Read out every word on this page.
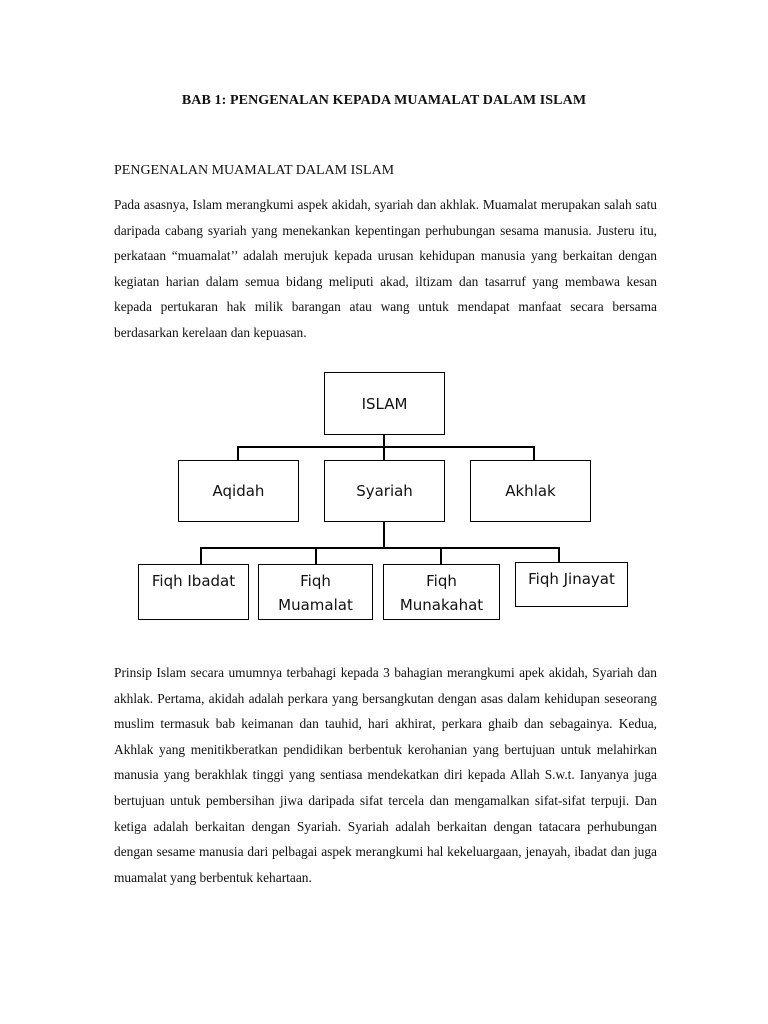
BAB 1: PENGENALAN KEPADA MUAMALAT DALAM ISLAM
PENGENALAN MUAMALAT DALAM ISLAM

Pada asasnya, Islam merangkumi aspek akidah, syariah dan akhlak. Muamalat merupakan salah satu daripada cabang syariah yang menekankan kepentingan perhubungan sesama manusia. Justeru itu, perkataan “muamalat’’ adalah merujuk kepada urusan kehidupan manusia yang berkaitan dengan kegiatan harian dalam semua bidang meliputi akad, iltizam dan tasarruf yang membawa kesan kepada pertukaran hak milik barangan atau wang untuk mendapat manfaat secara bersama berdasarkan kerelaan dan kepuasan.

ISLAM
Aqidah	Syariah	Akhlak
Fiqh Ibadat	Fiqh Muamalat
Fiqh Munakahat
Fiqh Jinayat

Prinsip Islam secara umumnya terbahagi kepada 3 bahagian merangkumi apek akidah, Syariah dan akhlak. Pertama, akidah adalah perkara yang bersangkutan dengan asas dalam kehidupan seseorang muslim termasuk bab keimanan dan tauhid, hari akhirat, perkara ghaib dan sebagainya. Kedua, Akhlak yang menitikberatkan pendidikan berbentuk kerohanian yang bertujuan untuk melahirkan manusia yang berakhlak tinggi yang sentiasa mendekatkan diri kepada Allah S.w.t. Ianyanya juga bertujuan untuk pembersihan jiwa daripada sifat tercela dan mengamalkan sifat-sifat terpuji. Dan ketiga adalah berkaitan dengan Syariah. Syariah adalah berkaitan dengan tatacara perhubungan dengan sesame manusia dari pelbagai aspek merangkumi hal kekeluargaan, jenayah, ibadat dan juga muamalat yang berbentuk kehartaan.
